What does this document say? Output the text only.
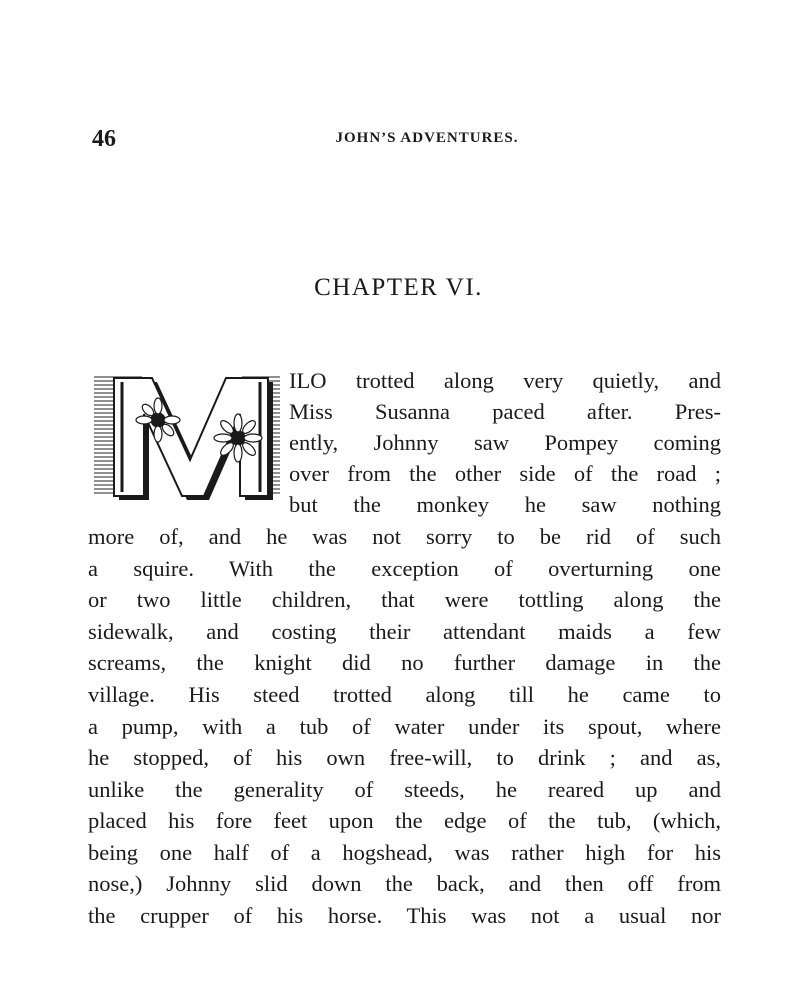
46	JOHN’S ADVENTURES.
CHAPTER VI.
M	ILO trotted along very quietly, and
Miss Susanna paced after. Pres-
ently, Johnny saw Pompey coming
over from the other side of the road ;
but the monkey he saw nothing
more of, and he was not sorry to be rid of such
a squire. With the exception of overturning one
or two little children, that were tottling along the
sidewalk, and costing their attendant maids a few
screams, the knight did no further damage in the
village. His steed trotted along till he came to
a pump, with a tub of water under its spout, where
he stopped, of his own free-will, to drink ; and as,
unlike the generality of steeds, he reared up and
placed his fore feet upon the edge of the tub, (which,
being one half of a hogshead, was rather high for his
nose,) Johnny slid down the back, and then off from
the crupper of his horse. This was not a usual nor
